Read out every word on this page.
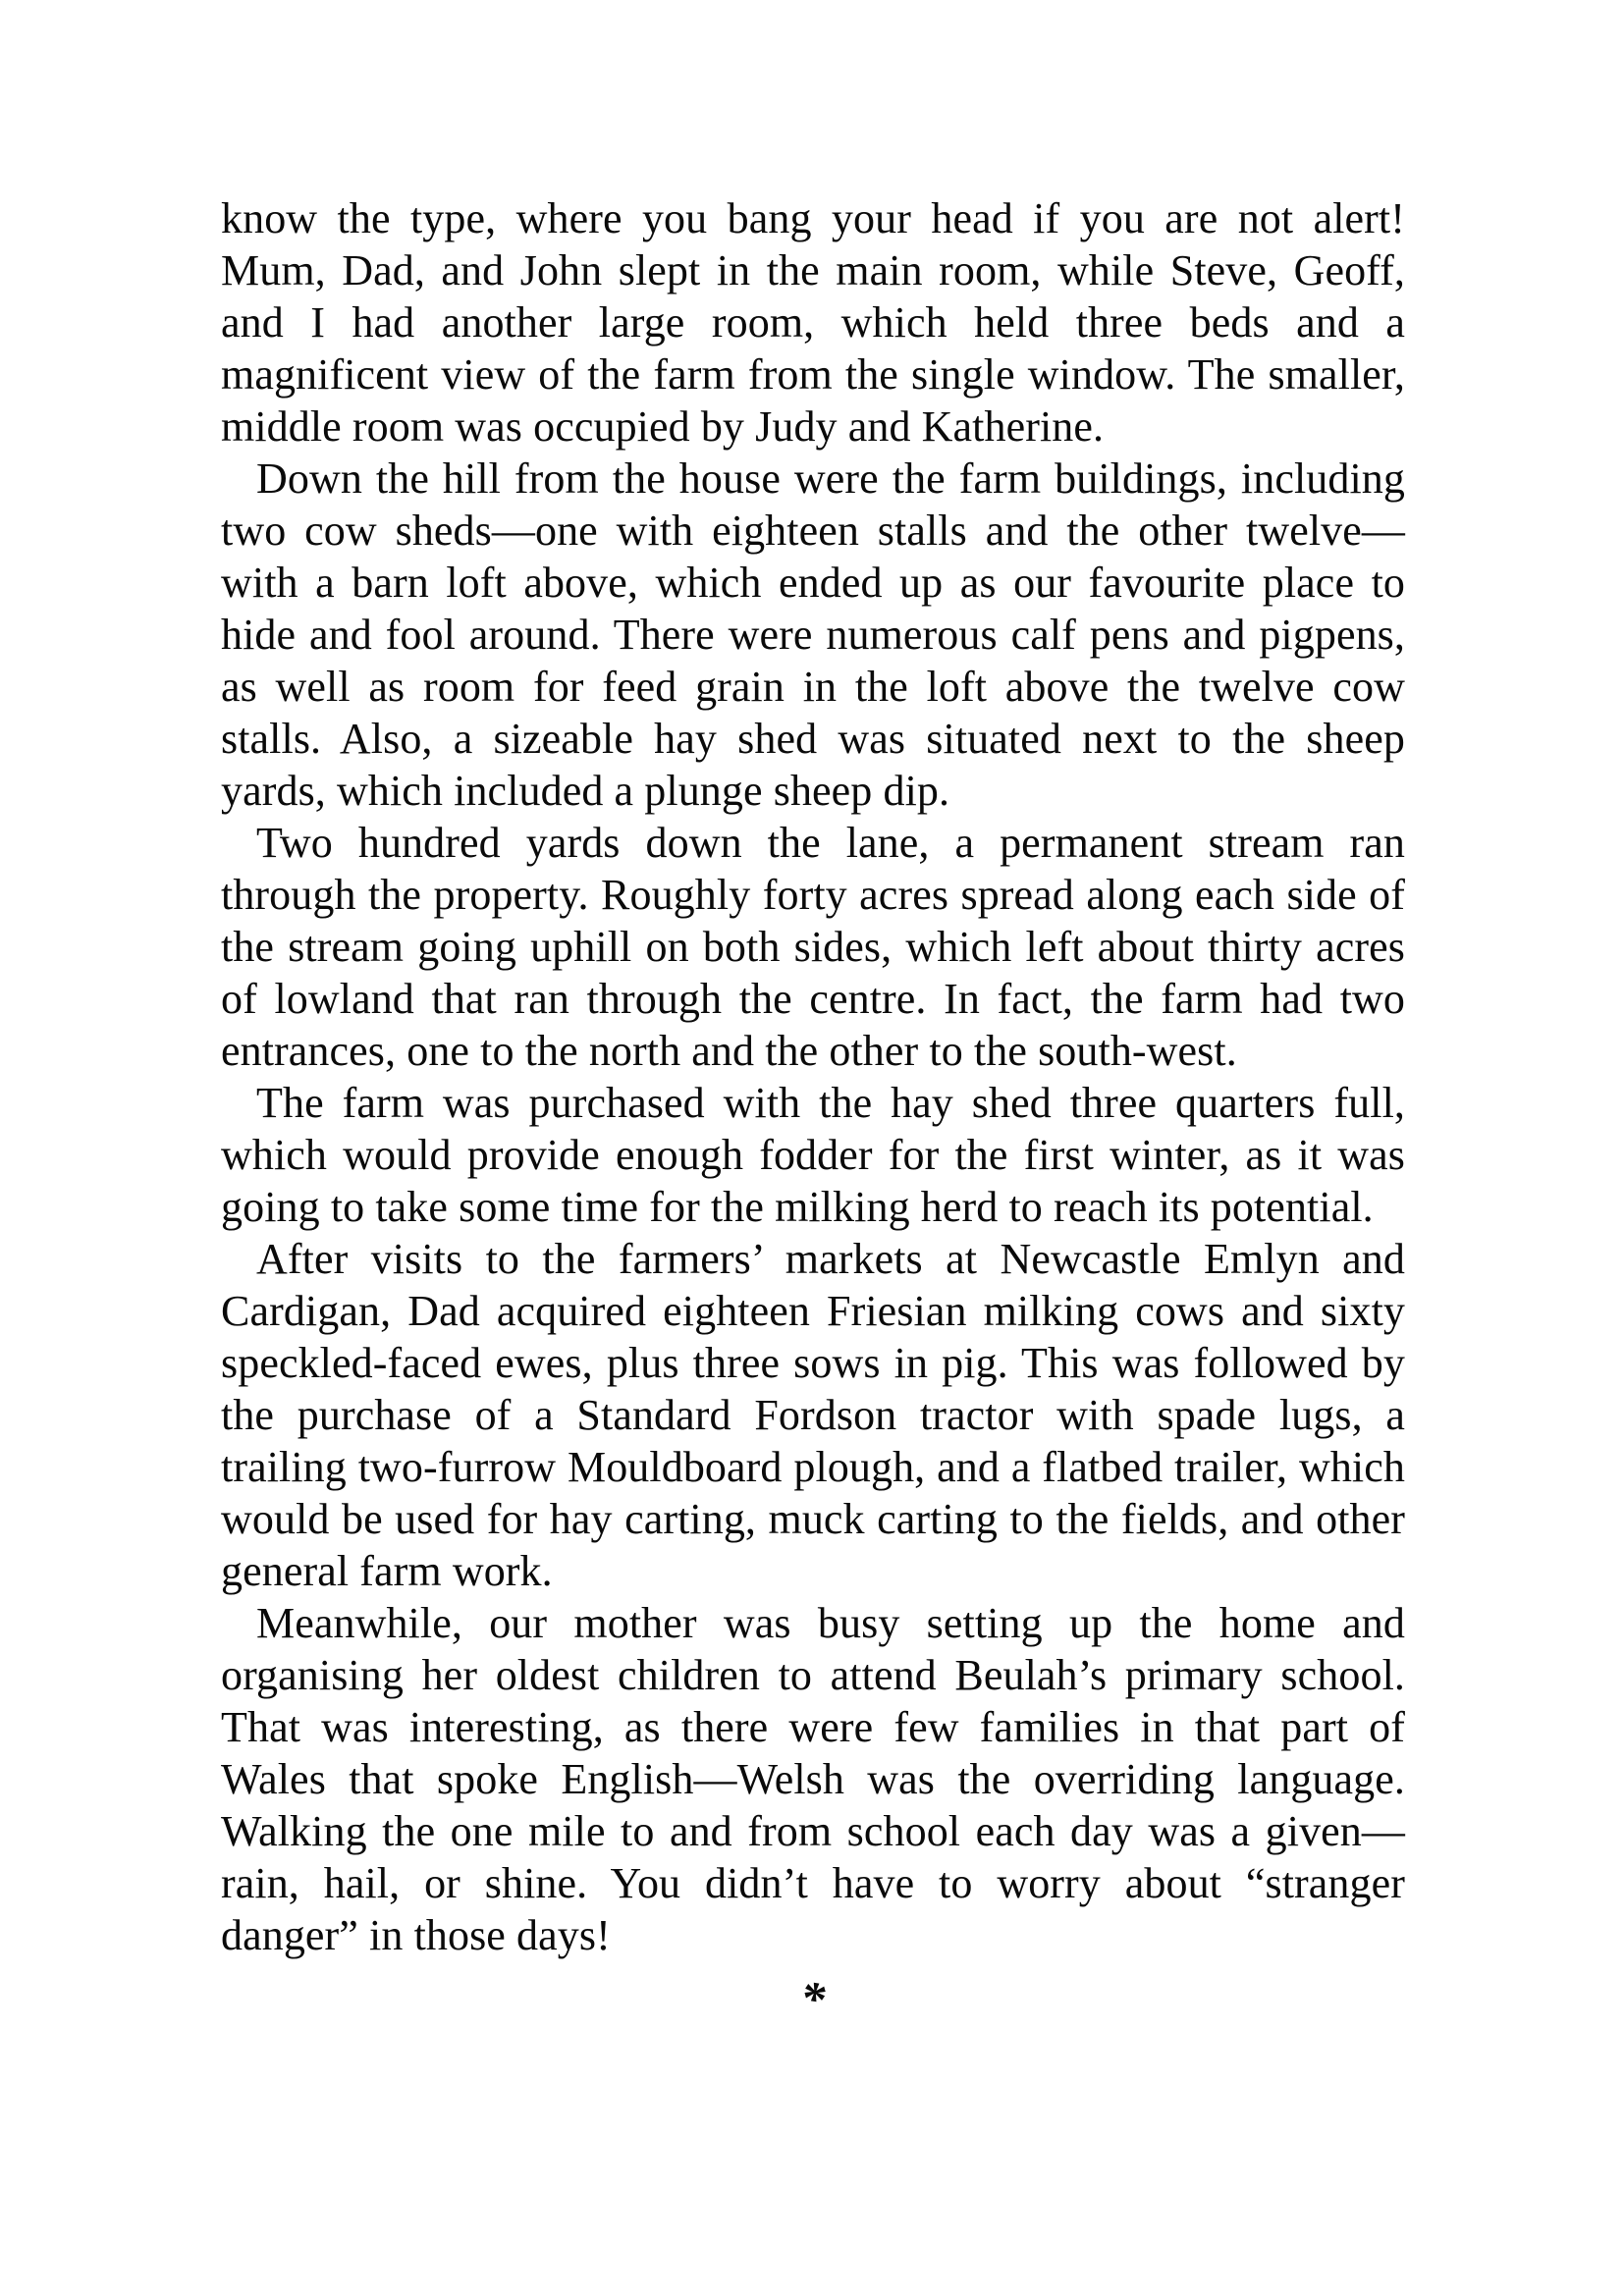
know the type, where you bang your head if you are not alert! Mum, Dad, and John slept in the main room, while Steve, Geoff, and I had another large room, which held three beds and a magnificent view of the farm from the single window. The smaller, middle room was occupied by Judy and Katherine.

Down the hill from the house were the farm buildings, including two cow sheds—one with eighteen stalls and the other twelve—with a barn loft above, which ended up as our favourite place to hide and fool around. There were numerous calf pens and pigpens, as well as room for feed grain in the loft above the twelve cow stalls. Also, a sizeable hay shed was situated next to the sheep yards, which included a plunge sheep dip.

Two hundred yards down the lane, a permanent stream ran through the property. Roughly forty acres spread along each side of the stream going uphill on both sides, which left about thirty acres of lowland that ran through the centre. In fact, the farm had two entrances, one to the north and the other to the south-west.

The farm was purchased with the hay shed three quarters full, which would provide enough fodder for the first winter, as it was going to take some time for the milking herd to reach its potential.

After visits to the farmers’ markets at Newcastle Emlyn and Cardigan, Dad acquired eighteen Friesian milking cows and sixty speckled-faced ewes, plus three sows in pig. This was followed by the purchase of a Standard Fordson tractor with spade lugs, a trailing two-furrow Mouldboard plough, and a flatbed trailer, which would be used for hay carting, muck carting to the fields, and other general farm work.

Meanwhile, our mother was busy setting up the home and organising her oldest children to attend Beulah’s primary school. That was interesting, as there were few families in that part of Wales that spoke English—Welsh was the overriding language. Walking the one mile to and from school each day was a given—rain, hail, or shine. You didn’t have to worry about “stranger danger” in those days!

*
